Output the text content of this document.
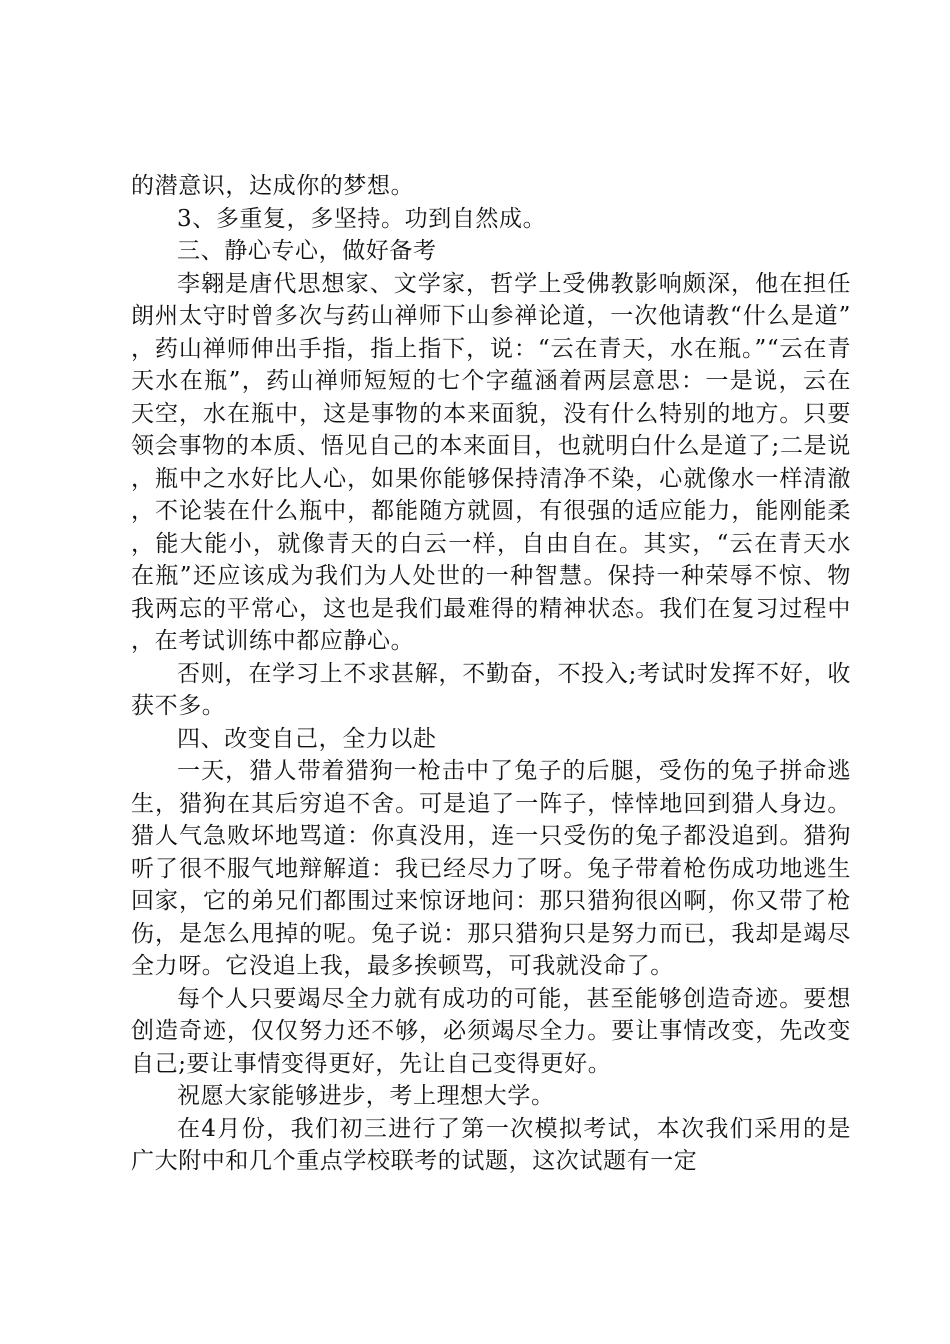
的潜意识，达成你的梦想。

3、多重复，多坚持。功到自然成。

三、静心专心，做好备考

李翱是唐代思想家、文学家，哲学上受佛教影响颇深，他在担任朗州太守时曾多次与药山禅师下山参禅论道，一次他请教“什么是道”，药山禅师伸出手指，指上指下，说：“云在青天，水在瓶。”“云在青天水在瓶”，药山禅师短短的七个字蕴涵着两层意思：一是说，云在天空，水在瓶中，这是事物的本来面貌，没有什么特别的地方。只要领会事物的本质、悟见自己的本来面目，也就明白什么是道了;二是说，瓶中之水好比人心，如果你能够保持清净不染，心就像水一样清澈，不论装在什么瓶中，都能随方就圆，有很强的适应能力，能刚能柔，能大能小，就像青天的白云一样，自由自在。其实，“云在青天水在瓶”还应该成为我们为人处世的一种智慧。保持一种荣辱不惊、物我两忘的平常心，这也是我们最难得的精神状态。我们在复习过程中，在考试训练中都应静心。

否则，在学习上不求甚解，不勤奋，不投入;考试时发挥不好，收获不多。

四、改变自己，全力以赴

一天，猎人带着猎狗一枪击中了兔子的后腿，受伤的兔子拼命逃生，猎狗在其后穷追不舍。可是追了一阵子，悻悻地回到猎人身边。猎人气急败坏地骂道：你真没用，连一只受伤的兔子都没追到。猎狗听了很不服气地辩解道：我已经尽力了呀。兔子带着枪伤成功地逃生回家，它的弟兄们都围过来惊讶地问：那只猎狗很凶啊，你又带了枪伤，是怎么甩掉的呢。兔子说：那只猎狗只是努力而已，我却是竭尽全力呀。它没追上我，最多挨顿骂，可我就没命了。

每个人只要竭尽全力就有成功的可能，甚至能够创造奇迹。要想创造奇迹，仅仅努力还不够，必须竭尽全力。要让事情改变，先改变自己;要让事情变得更好，先让自己变得更好。

祝愿大家能够进步，考上理想大学。

在4月份，我们初三进行了第一次模拟考试，本次我们采用的是广大附中和几个重点学校联考的试题，这次试题有一定
